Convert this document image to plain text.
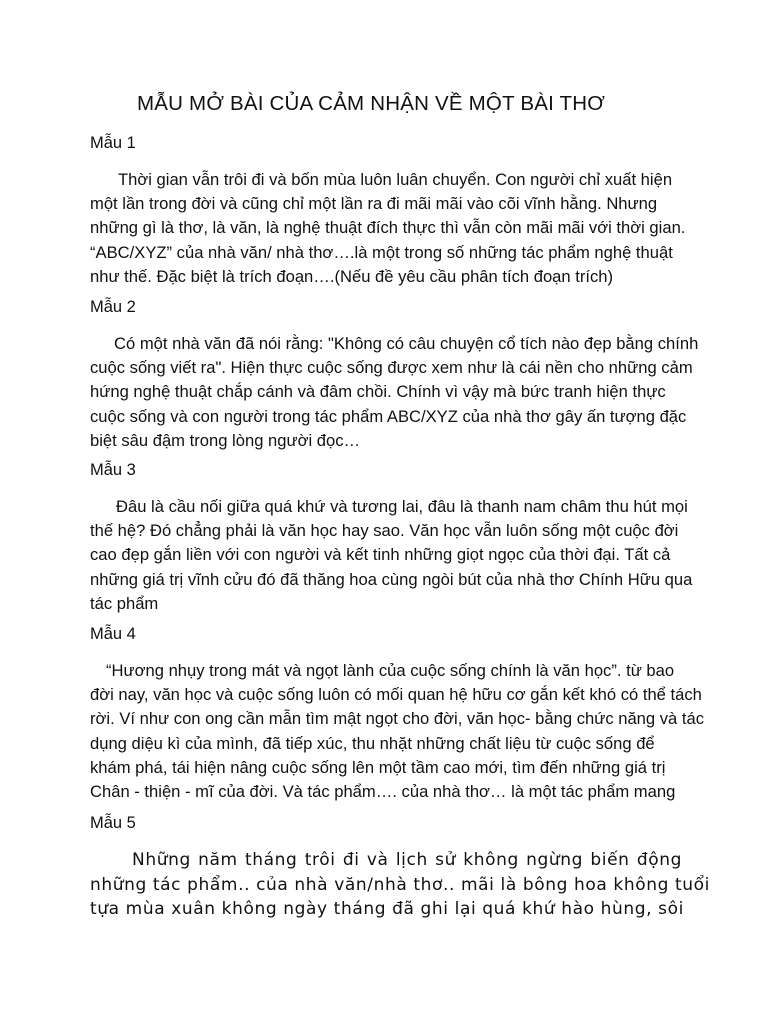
MẪU MỞ BÀI CỦA CẢM NHẬN VỀ MỘT BÀI THƠ

Mẫu 1

Thời gian vẫn trôi đi và bốn mùa luôn luân chuyển. Con người chỉ xuất hiện
một lần trong đời và cũng chỉ một lần ra đi mãi mãi vào cõi vĩnh hằng. Nhưng
những gì là thơ, là văn, là nghệ thuật đích thực thì vẫn còn mãi mãi với thời gian.
“ABC/XYZ” của nhà văn/ nhà thơ….là một trong số những tác phẩm nghệ thuật
như thế. Đặc biệt là trích đoạn….(Nếu đề yêu cầu phân tích đoạn trích)

Mẫu 2

Có một nhà văn đã nói rằng: "Không có câu chuyện cổ tích nào đẹp bằng chính
cuộc sống viết ra". Hiện thực cuộc sống được xem như là cái nền cho những cảm
hứng nghệ thuật chắp cánh và đâm chồi. Chính vì vậy mà bức tranh hiện thực
cuộc sống và con người trong tác phẩm ABC/XYZ của nhà thơ gây ấn tượng đặc
biệt sâu đậm trong lòng người đọc…

Mẫu 3

Đâu là cầu nối giữa quá khứ và tương lai, đâu là thanh nam châm thu hút mọi
thế hệ? Đó chẳng phải là văn học hay sao. Văn học vẫn luôn sống một cuộc đời
cao đẹp gắn liền với con người và kết tinh những giọt ngọc của thời đại. Tất cả
những giá trị vĩnh cửu đó đã thăng hoa cùng ngòi bút của nhà thơ Chính Hữu qua
tác phẩm

Mẫu 4

“Hương nhụy trong mát và ngọt lành của cuộc sống chính là văn học”. từ bao
đời nay, văn học và cuộc sống luôn có mối quan hệ hữu cơ gắn kết khó có thể tách
rời. Ví như con ong cần mẫn tìm mật ngọt cho đời, văn học- bằng chức năng và tác
dụng diệu kì của mình, đã tiếp xúc, thu nhặt những chất liệu từ cuộc sống để
khám phá, tái hiện nâng cuộc sống lên một tầm cao mới, tìm đến những giá trị
Chân - thiện - mĩ của đời. Và tác phẩm…. của nhà thơ… là một tác phẩm mang

Mẫu 5

Những năm tháng trôi đi và lịch sử không ngừng biến động
những tác phẩm.. của nhà văn/nhà thơ.. mãi là bông hoa không tuổi
tựa mùa xuân không ngày tháng đã ghi lại quá khứ hào hùng, sôi
